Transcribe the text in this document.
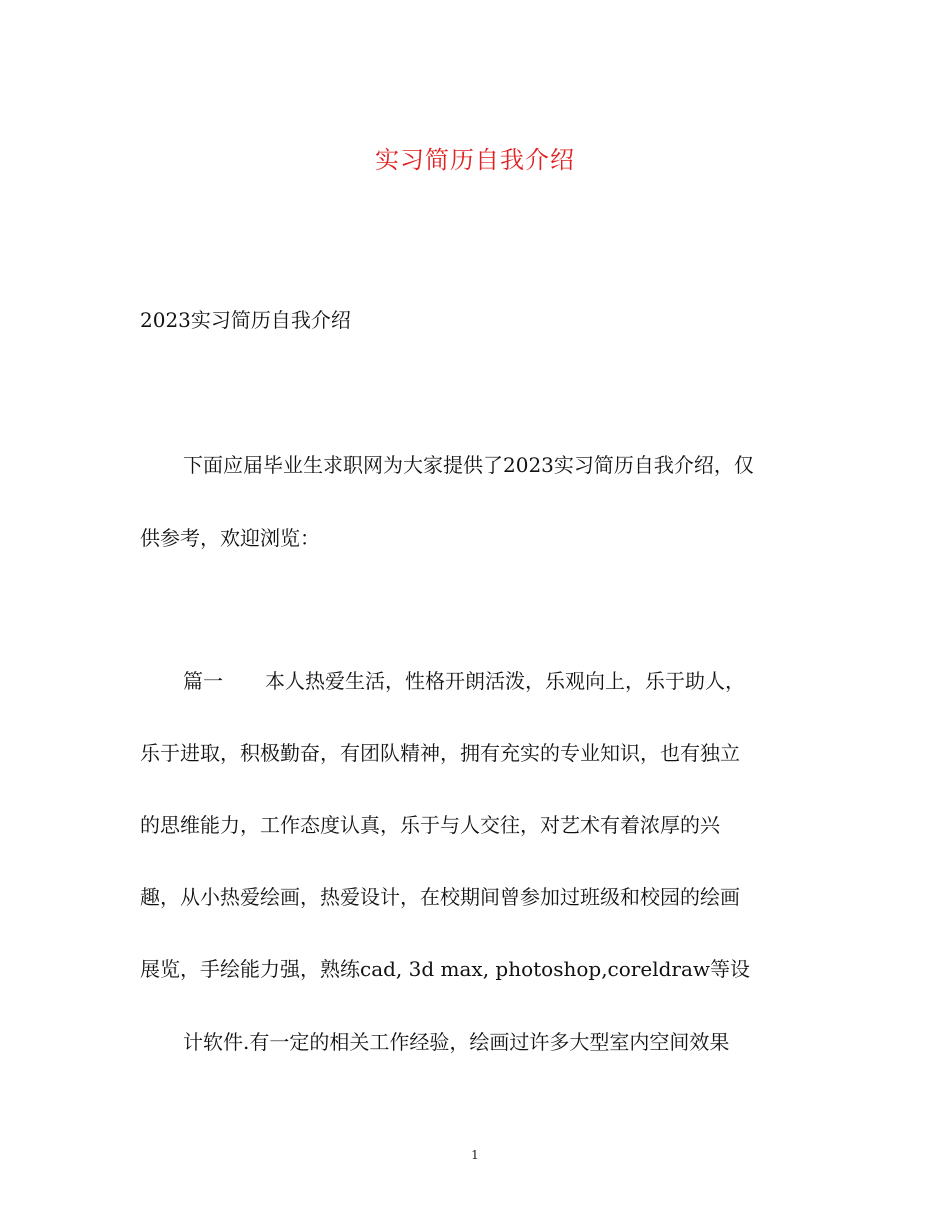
实习简历自我介绍
2023实习简历自我介绍
下面应届毕业生求职网为大家提供了2023实习简历自我介绍，仅
供参考，欢迎浏览：
篇一 本人热爱生活，性格开朗活泼，乐观向上，乐于助人，
乐于进取，积极勤奋，有团队精神，拥有充实的专业知识，也有独立
的思维能力，工作态度认真，乐于与人交往，对艺术有着浓厚的兴
趣，从小热爱绘画，热爱设计，在校期间曾参加过班级和校园的绘画
展览，手绘能力强，熟练cad, 3d max, photoshop,coreldraw等设
计软件.有一定的相关工作经验，绘画过许多大型室内空间效果
1
